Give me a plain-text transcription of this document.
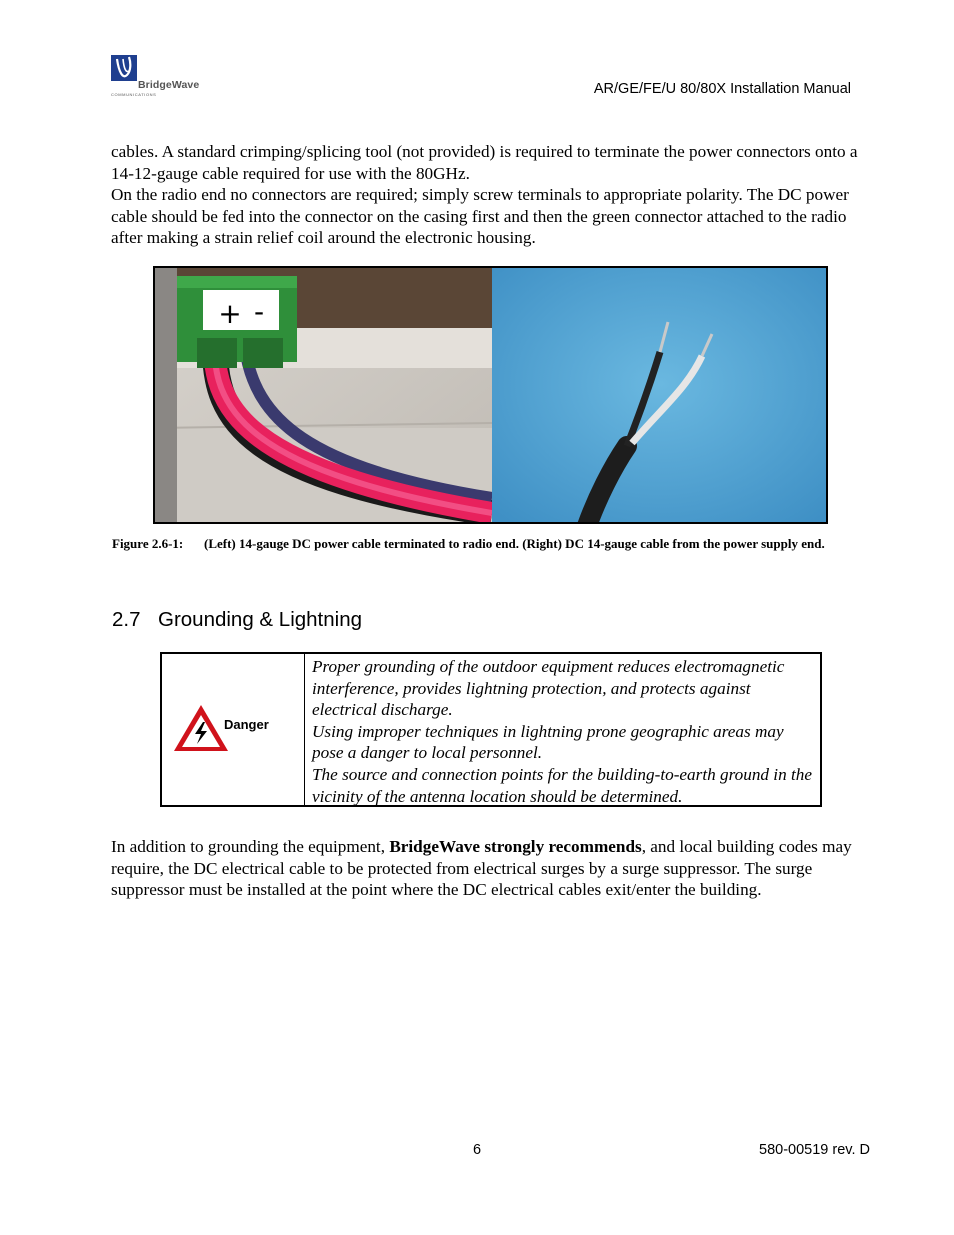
BridgeWave
COMMUNICATIONS	AR/GE/FE/U 80/80X Installation Manual

cables. A standard crimping/splicing tool (not provided) is required to terminate the power connectors onto a 14-12-gauge cable required for use with the 80GHz.

On the radio end no connectors are required; simply screw terminals to appropriate polarity. The DC power cable should be fed into the connector on the casing first and then the green connector attached to the radio after making a strain relief coil around the electronic housing.

+ -
Figure 2.6-1: (Left) 14-gauge DC power cable terminated to radio end. (Right) DC 14-gauge cable from the power supply end.
2.7 Grounding & Lightning
Danger

Proper grounding of the outdoor equipment reduces electromagnetic interference, provides lightning protection, and protects against electrical discharge.

Using improper techniques in lightning prone geographic areas may pose a danger to local personnel.

The source and connection points for the building-to-earth ground in the vicinity of the antenna location should be determined.

In addition to grounding the equipment, BridgeWave strongly recommends, and local building codes may require, the DC electrical cable to be protected from electrical surges by a surge suppressor. The surge suppressor must be installed at the point where the DC electrical cables exit/enter the building.

6	580-00519 rev. D
